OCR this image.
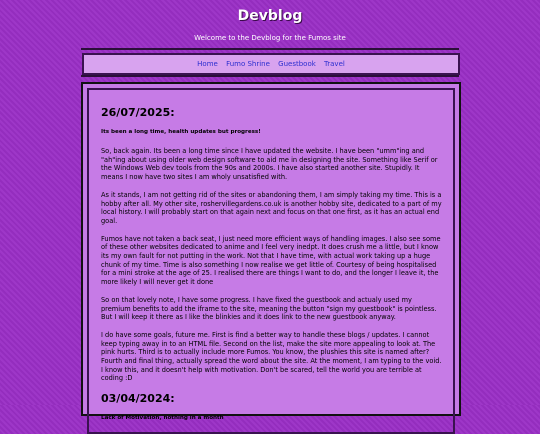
Devblog
Welcome to the Devblog for the Fumos site
Home Fumo Shrine Guestbook Travel
26/07/2025:
Its been a long time, health updates but progress!

So, back again. Its been a long time since I have updated the website. I have been "umm"ing and "ah"ing about using older web design software to aid me in designing the site. Something like Serif or the Windows Web dev tools from the 90s and 2000s. I have also started another site. Stupidly. It means I now have two sites I am wholy unsatisfied with.

As it stands, I am not getting rid of the sites or abandoning them, I am simply taking my time. This is a hobby after all. My other site, roshervillegardens.co.uk is another hobby site, dedicated to a part of my local history. I will probably start on that again next and focus on that one first, as it has an actual end goal.

Fumos have not taken a back seat, I just need more efficient ways of handling images. I also see some of these other websites dedicated to anime and I feel very inedpt. It does crush me a little, but I know its my own fault for not putting in the work. Not that I have time, with actual work taking up a huge chunk of my time. Time is also something I now realise we get little of. Courtesy of being hospitalised for a mini stroke at the age of 25. I realised there are things I want to do, and the longer I leave it, the more likely I will never get it done

So on that lovely note, I have some progress. I have fixed the guestbook and actualy used my premium benefits to add the iframe to the site, meaning the button "sign my guestbook" is pointless. But I will keep it there as I like the blinkies and it does link to the new guestbook anyway.

I do have some goals, future me. First is find a better way to handle these blogs / updates. I cannot keep typing away in to an HTML file. Second on the list, make the site more appealing to look at. The pink hurts. Third is to actually include more Fumos. You know, the plushies this site is named after? Fourth and final thing, actually spread the word about the site. At the moment, I am typing to the void. I know this, and it doesn't help with motivation. Don't be scared, tell the world you are terrible at coding :D

03/04/2024:
Lack of Motivation, nothing in a month
